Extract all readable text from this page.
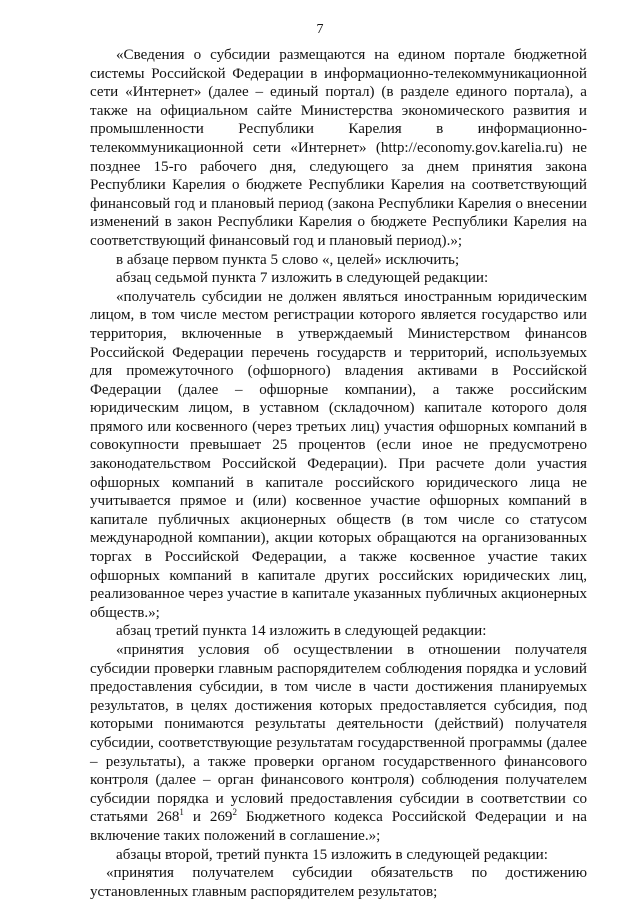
7

«Сведения о субсидии размещаются на едином портале бюджетной системы Российской Федерации в информационно-телекоммуникационной сети «Интернет» (далее – единый портал) (в разделе единого портала), а также на официальном сайте Министерства экономического развития и промышленности Республики Карелия в информационно-телекоммуникационной сети «Интернет» (http://economy.gov.karelia.ru) не позднее 15-го рабочего дня, следующего за днем принятия закона Республики Карелия о бюджете Республики Карелия на соответствующий финансовый год и плановый период (закона Республики Карелия о внесении изменений в закон Республики Карелия о бюджете Республики Карелия на соответствующий финансовый год и плановый период).»;

в абзаце первом пункта 5 слово «, целей» исключить;

абзац седьмой пункта 7 изложить в следующей редакции:

«получатель субсидии не должен являться иностранным юридическим лицом, в том числе местом регистрации которого является государство или территория, включенные в утверждаемый Министерством финансов Российской Федерации перечень государств и территорий, используемых для промежуточного (офшорного) владения активами в Российской Федерации (далее – офшорные компании), а также российским юридическим лицом, в уставном (складочном) капитале которого доля прямого или косвенного (через третьих лиц) участия офшорных компаний в совокупности превышает 25 процентов (если иное не предусмотрено законодательством Российской Федерации). При расчете доли участия офшорных компаний в капитале российского юридического лица не учитывается прямое и (или) косвенное участие офшорных компаний в капитале публичных акционерных обществ (в том числе со статусом международной компании), акции которых обращаются на организованных торгах в Российской Федерации, а также косвенное участие таких офшорных компаний в капитале других российских юридических лиц, реализованное через участие в капитале указанных публичных акционерных обществ.»;

абзац третий пункта 14 изложить в следующей редакции:

«принятия условия об осуществлении в отношении получателя субсидии проверки главным распорядителем соблюдения порядка и условий предоставления субсидии, в том числе в части достижения планируемых результатов, в целях достижения которых предоставляется субсидия, под которыми понимаются результаты деятельности (действий) получателя субсидии, соответствующие результатам государственной программы (далее – результаты), а также проверки органом государственного финансового контроля (далее – орган финансового контроля) соблюдения получателем субсидии порядка и условий предоставления субсидии в соответствии со статьями $268^1$ и $269^2$ Бюджетного кодекса Российской Федерации и на включение таких положений в соглашение.»;

абзацы второй, третий пункта 15 изложить в следующей редакции:

«принятия получателем субсидии обязательств по достижению установленных главным распорядителем результатов;
